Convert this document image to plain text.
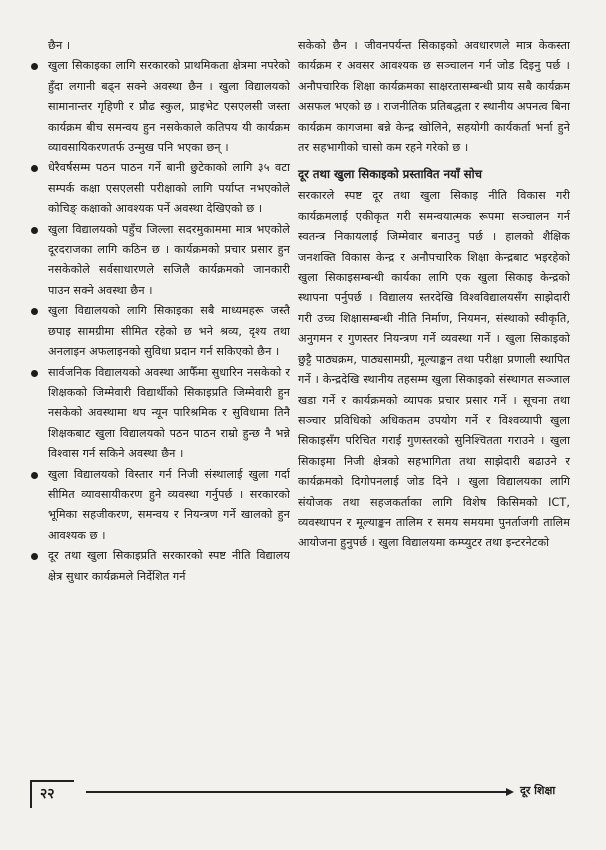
छैन ।

खुला सिकाइका लागि सरकारको प्राथमिकता क्षेत्रमा नपरेको हुँदा लगानी बढ्न सक्ने अवस्था छैन । खुला विद्यालयको सामानान्तर गृहिणी र प्रौढ स्कुल, प्राइभेट एसएलसी जस्ता कार्यक्रम बीच समन्वय हुन नसकेकाले कतिपय यी कार्यक्रम व्यावसायिकरणतर्फ उन्मुख पनि भएका छन् ।
धेरैवर्षसम्म पठन पाठन गर्ने बानी छुटेकाको लागि ३५ वटा सम्पर्क कक्षा एसएलसी परीक्षाको लागि पर्याप्त नभएकोले कोचिङ् कक्षाको आवश्यक पर्ने अवस्था देखिएको छ ।
खुला विद्यालयको पहुँच जिल्ला सदरमुकाममा मात्र भएकोले दूरदराजका लागि कठिन छ । कार्यक्रमको प्रचार प्रसार हुन नसकेकोले सर्वसाधारणले सजिलै कार्यक्रमको जानकारी पाउन सक्ने अवस्था छैन ।
खुला विद्यालयको लागि सिकाइका सबै माध्यमहरू जस्तै छपाइ सामग्रीमा सीमित रहेको छ भने श्रव्य, दृश्य तथा अनलाइन अफलाइनको सुविधा प्रदान गर्न सकिएको छैन ।
सार्वजनिक विद्यालयको अवस्था आफैँमा सुधारिन नसकेको र शिक्षकको जिम्मेवारी विद्यार्थीको सिकाइप्रति जिम्मेवारी हुन नसकेको अवस्थामा थप न्यून पारिश्रमिक र सुविधामा तिनै शिक्षकबाट खुला विद्यालयको पठन पाठन राम्रो हुन्छ नै भन्ने विश्वास गर्न सकिने अवस्था छैन ।
खुला विद्यालयको विस्तार गर्न निजी संस्थालाई खुला गर्दा सीमित व्यावसायीकरण हुने व्यवस्था गर्नुपर्छ । सरकारको भूमिका सहजीकरण, समन्वय र नियन्त्रण गर्ने खालको हुन आवश्यक छ ।
दूर तथा खुला सिकाइप्रति सरकारको स्पष्ट नीति विद्यालय क्षेत्र सुधार कार्यक्रमले निर्देशित गर्न

सकेको छैन । जीवनपर्यन्त सिकाइको अवधारणले मात्र केकस्ता कार्यक्रम र अवसर आवश्यक छ सञ्चालन गर्न जोड दिइनु पर्छ । अनौपचारिक शिक्षा कार्यक्रमका साक्षरतासम्बन्धी प्राय सबै कार्यक्रम असफल भएको छ । राजनीतिक प्रतिबद्धता र स्थानीय अपनत्व बिना कार्यक्रम कागजमा बन्ने केन्द्र खोलिने, सहयोगी कार्यकर्ता भर्ना हुने तर सहभागीको चासो कम रहने गरेको छ ।

दूर तथा खुला सिकाइको प्रस्तावित नयाँ सोच

सरकारले स्पष्ट दूर तथा खुला सिकाइ नीति विकास गरी कार्यक्रमलाई एकीकृत गरी समन्वयात्मक रूपमा सञ्चालन गर्न स्वतन्त्र निकायलाई जिम्मेवार बनाउनु पर्छ । हालको शैक्षिक जनशक्ति विकास केन्द्र र अनौपचारिक शिक्षा केन्द्रबाट भइरहेको खुला सिकाइसम्बन्धी कार्यका लागि एक खुला सिकाइ केन्द्रको स्थापना पर्नुपर्छ । विद्यालय स्तरदेखि विश्वविद्यालयसँग साझेदारी गरी उच्च शिक्षासम्बन्धी नीति निर्माण, नियमन, संस्थाको स्वीकृति, अनुगमन र गुणस्तर नियन्त्रण गर्ने व्यवस्था गर्ने । खुला सिकाइको छुट्टै पाठ्यक्रम, पाठ्यसामग्री, मूल्याङ्कन तथा परीक्षा प्रणाली स्थापित गर्ने । केन्द्रदेखि स्थानीय तहसम्म खुला सिकाइको संस्थागत सञ्जाल खडा गर्ने र कार्यक्रमको व्यापक प्रचार प्रसार गर्ने । सूचना तथा सञ्चार प्रविधिको अधिकतम उपयोग गर्ने र विश्वव्यापी खुला सिकाइसँग परिचित गराई गुणस्तरको सुनिश्चितता गराउने । खुला सिकाइमा निजी क्षेत्रको सहभागिता तथा साझेदारी बढाउने र कार्यक्रमको दिगोपनलाई जोड दिने । खुला विद्यालयका लागि संयोजक तथा सहजकर्ताका लागि विशेष किसिमको ICT, व्यवस्थापन र मूल्याङ्कन तालिम र समय समयमा पुनर्ताजगी तालिम आयोजना हुनुपर्छ । खुला विद्यालयमा कम्प्युटर तथा इन्टरनेटको

२२	दूर शिक्षा
